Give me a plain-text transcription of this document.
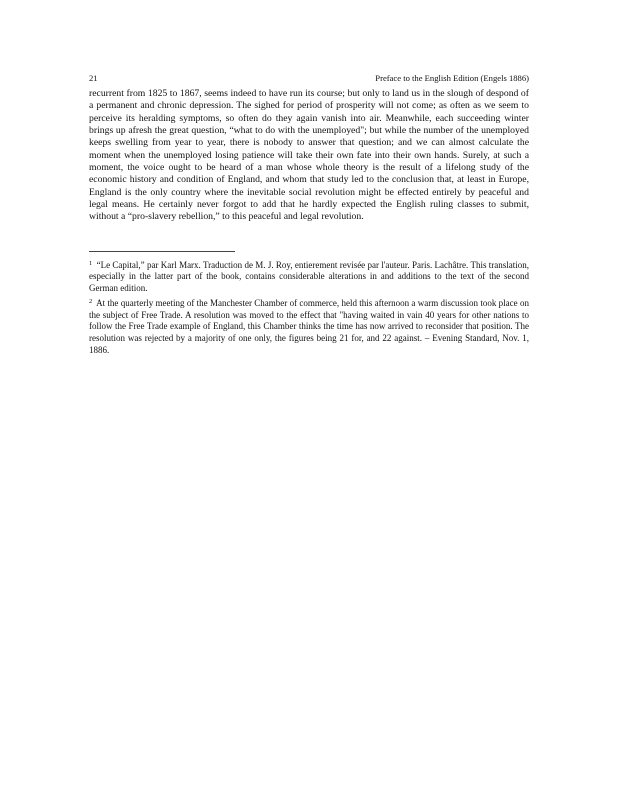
21	Preface to the English Edition (Engels 1886)

recurrent from 1825 to 1867, seems indeed to have run its course; but only to land us in the slough of despond of a permanent and chronic depression. The sighed for period of prosperity will not come; as often as we seem to perceive its heralding symptoms, so often do they again vanish into air. Meanwhile, each succeeding winter brings up afresh the great question, “what to do with the unemployed"; but while the number of the unemployed keeps swelling from year to year, there is nobody to answer that question; and we can almost calculate the moment when the unemployed losing patience will take their own fate into their own hands. Surely, at such a moment, the voice ought to be heard of a man whose whole theory is the result of a lifelong study of the economic history and condition of England, and whom that study led to the conclusion that, at least in Europe, England is the only country where the inevitable social revolution might be effected entirely by peaceful and legal means. He certainly never forgot to add that he hardly expected the English ruling classes to submit, without a “pro-slavery rebellion,” to this peaceful and legal revolution.

$^1$ “Le Capital,” par Karl Marx. Traduction de M. J. Roy, entierement revisée par l'auteur. Paris. Lachâtre. This translation, especially in the latter part of the book, contains considerable alterations in and additions to the text of the second German edition.

$^2$ At the quarterly meeting of the Manchester Chamber of commerce, held this afternoon a warm discussion took place on the subject of Free Trade. A resolution was moved to the effect that "having waited in vain 40 years for other nations to follow the Free Trade example of England, this Chamber thinks the time has now arrived to reconsider that position. The resolution was rejected by a majority of one only, the figures being 21 for, and 22 against. – Evening Standard, Nov. 1, 1886.
